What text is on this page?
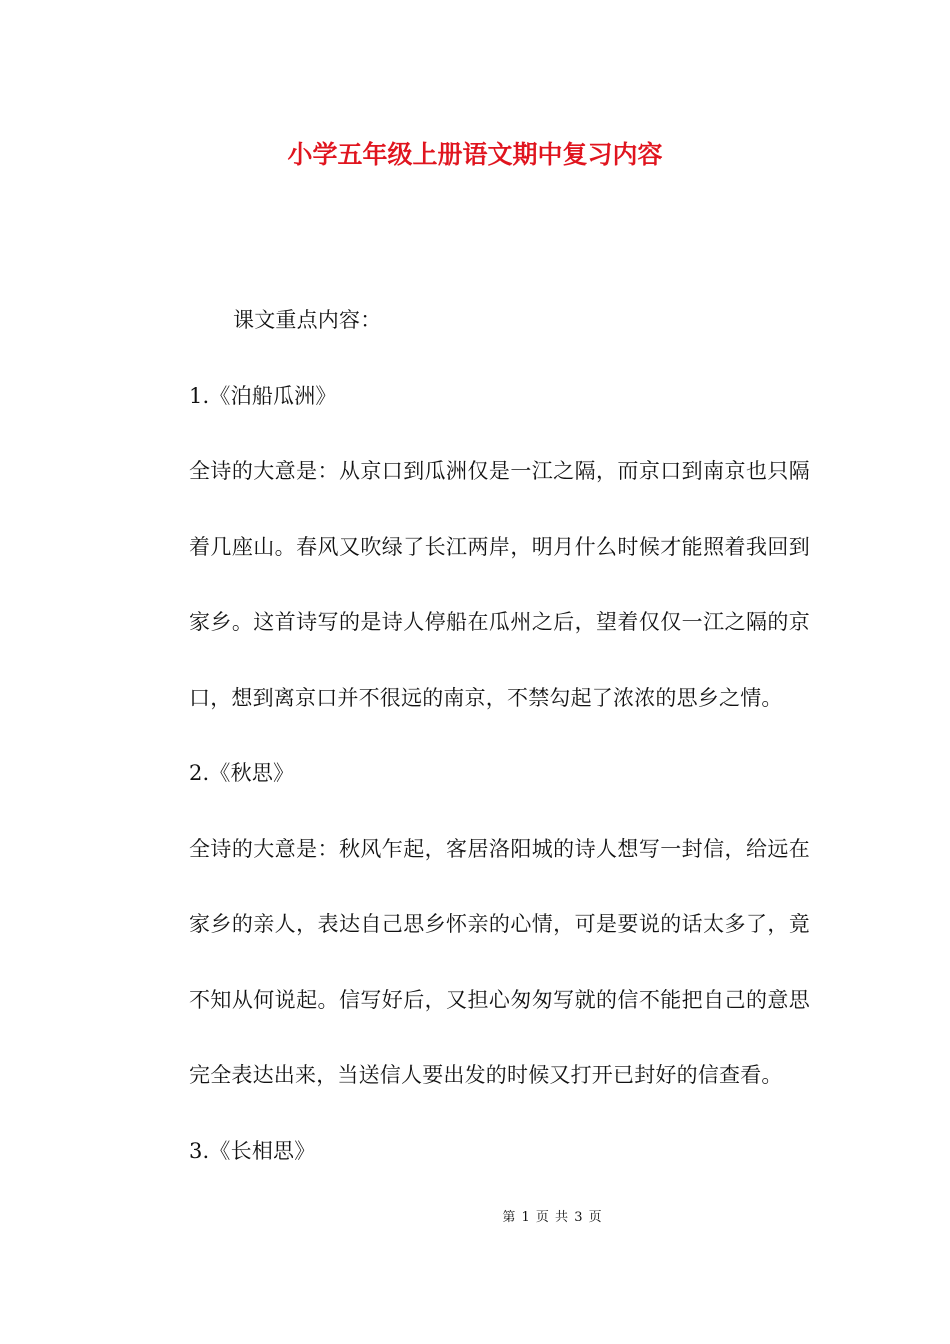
小学五年级上册语文期中复习内容

课文重点内容：

1.《泊船瓜洲》

全诗的大意是：从京口到瓜洲仅是一江之隔，而京口到南京也只隔着几座山。春风又吹绿了长江两岸，明月什么时候才能照着我回到家乡。这首诗写的是诗人停船在瓜州之后，望着仅仅一江之隔的京口，想到离京口并不很远的南京，不禁勾起了浓浓的思乡之情。

2.《秋思》

全诗的大意是：秋风乍起，客居洛阳城的诗人想写一封信，给远在家乡的亲人，表达自己思乡怀亲的心情，可是要说的话太多了，竟不知从何说起。信写好后，又担心匆匆写就的信不能把自己的意思完全表达出来，当送信人要出发的时候又打开已封好的信查看。

3.《长相思》

第 1 页 共 3 页
